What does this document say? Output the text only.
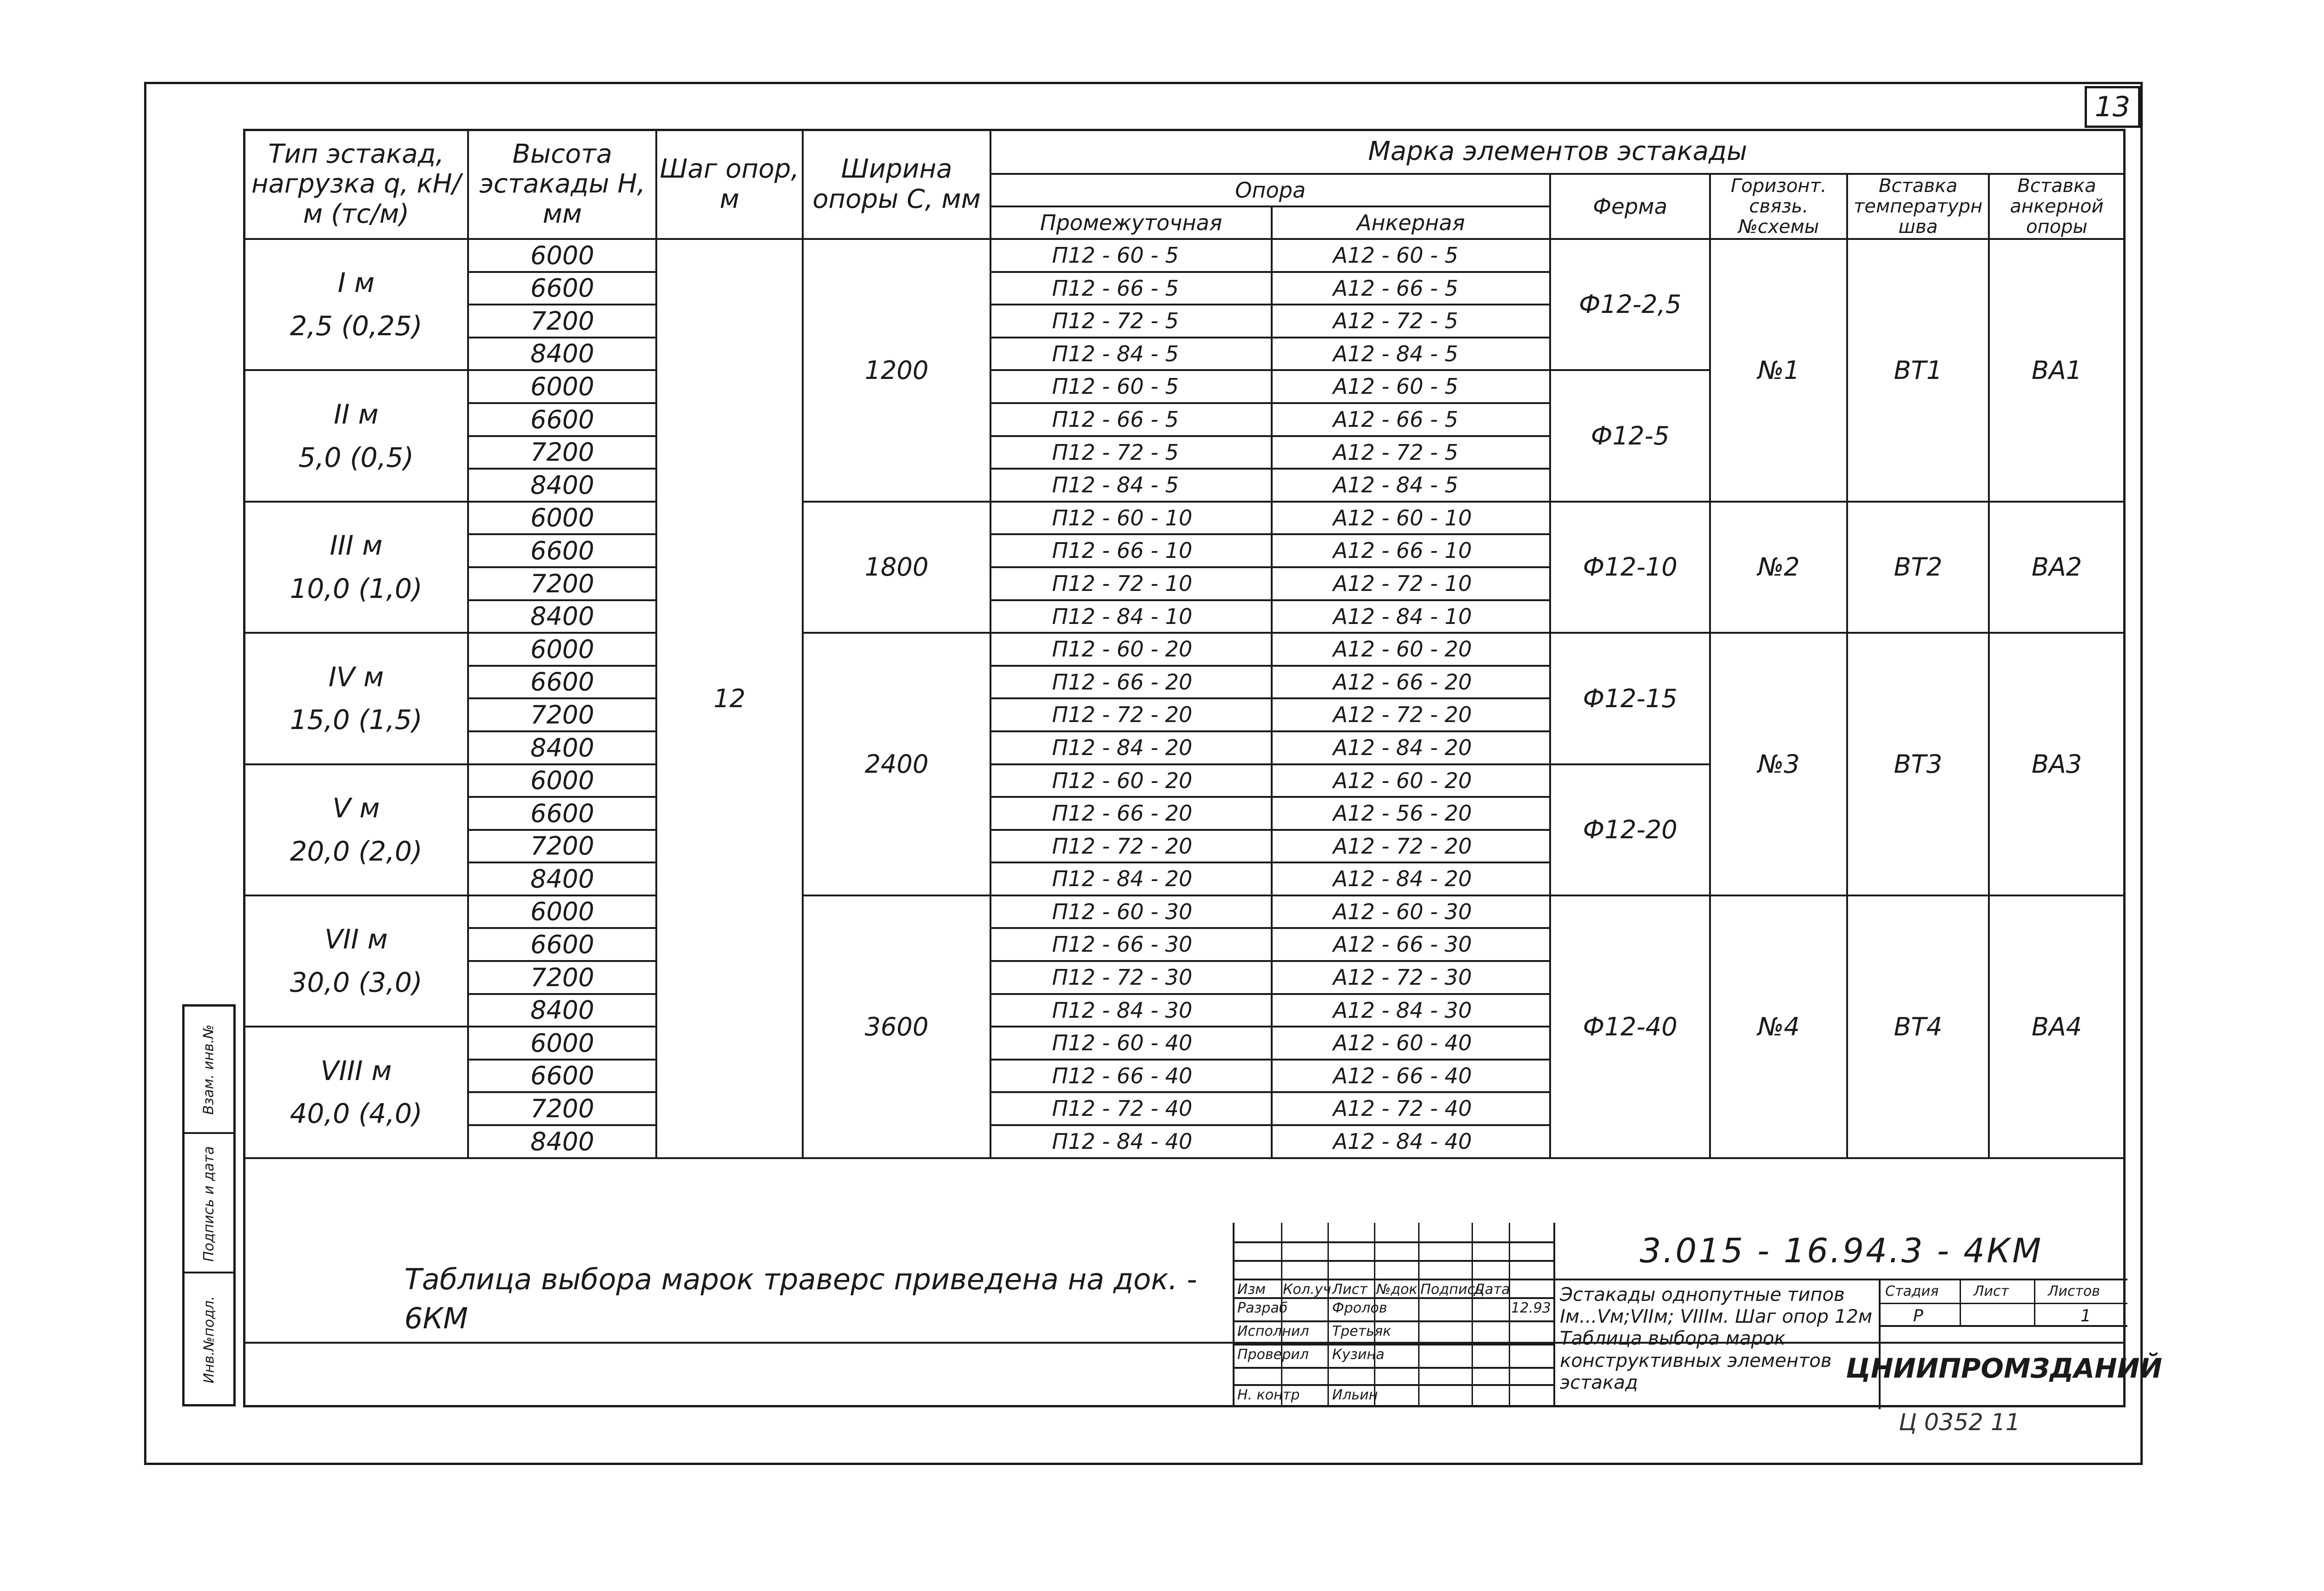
13
Взам. инв.№
Подпись и дата
Инв.№подл.
Тип эстакад, нагрузка q, кН/м (тс/м)	Высота эстакады Н, мм	Шаг опор, м	Ширина опоры С, мм	Марка элементов эстакады					
				Опора		Ферма	Горизонт. связь. №схемы	Вставка температурн шва	Вставка анкерной опоры
				Промежуточная	Анкерная				

I м
2,5 (0,25)	6000	12	1200	П12 - 60 - 5	А12 - 60 - 5	Ф12-2,5	№1	ВТ1	ВА1
	6600			П12 - 66 - 5	А12 - 66 - 5				
	7200			П12 - 72 - 5	А12 - 72 - 5				
	8400			П12 - 84 - 5	А12 - 84 - 5				

II м
5,0 (0,5)	6000			П12 - 60 - 5	А12 - 60 - 5	Ф12-5			
	6600			П12 - 66 - 5	А12 - 66 - 5				
	7200			П12 - 72 - 5	А12 - 72 - 5				
	8400			П12 - 84 - 5	А12 - 84 - 5				

III м
10,0 (1,0)	6000		1800	П12 - 60 - 10	А12 - 60 - 10	Ф12-10	№2	ВТ2	ВА2
	6600			П12 - 66 - 10	А12 - 66 - 10				
	7200			П12 - 72 - 10	А12 - 72 - 10				
	8400			П12 - 84 - 10	А12 - 84 - 10				

IV м
15,0 (1,5)	6000		2400	П12 - 60 - 20	А12 - 60 - 20	Ф12-15	№3	ВТ3	ВА3
	6600			П12 - 66 - 20	А12 - 66 - 20				
	7200			П12 - 72 - 20	А12 - 72 - 20				
	8400			П12 - 84 - 20	А12 - 84 - 20				

V м
20,0 (2,0)	6000			П12 - 60 - 20	А12 - 60 - 20	Ф12-20			
	6600			П12 - 66 - 20	А12 - 56 - 20				
	7200			П12 - 72 - 20	А12 - 72 - 20				
	8400			П12 - 84 - 20	А12 - 84 - 20				

VII м
30,0 (3,0)	6000		3600	П12 - 60 - 30	А12 - 60 - 30	Ф12-40	№4	ВТ4	ВА4
	6600			П12 - 66 - 30	А12 - 66 - 30				
	7200			П12 - 72 - 30	А12 - 72 - 30				
	8400			П12 - 84 - 30	А12 - 84 - 30				

VIII м
40,0 (4,0)	6000			П12 - 60 - 40	А12 - 60 - 40				
	6600			П12 - 66 - 40	А12 - 66 - 40				
	7200			П12 - 72 - 40	А12 - 72 - 40				
	8400			П12 - 84 - 40	А12 - 84 - 40				

Таблица выбора марок траверс приведена на док. - 6КМ
Изм Кол.уч Лист №док Подпись
Дата
Разраб	Фролов	12.93
Исполнил Третьяк
Проверил Кузина
Н. контр Ильин
3.015 - 16.94.3 - 4КМ
Эстакады однопутные типов Iм...Vм;VIIм; VIIIм. Шаг опор 12м Таблица выбора марок конструктивных элементов эстакад
Стадия Лист	Листов
Р	1
ЦНИИПРОМЗДАНИЙ
Ц 0352 11
